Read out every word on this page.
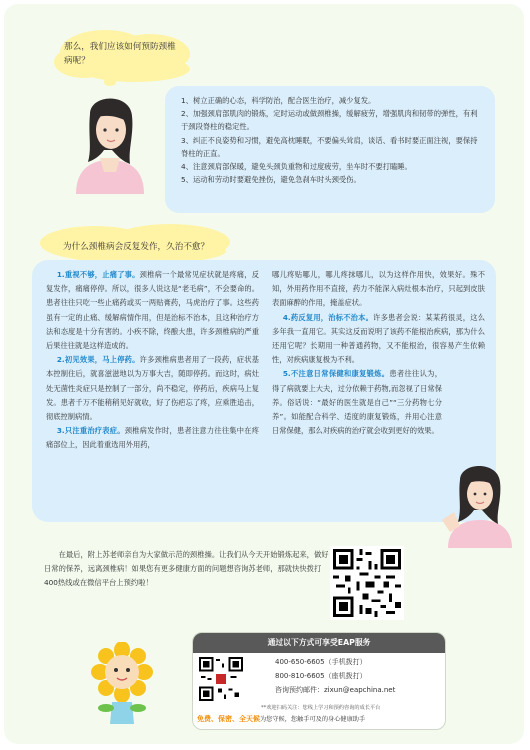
那么，我们应该如何预防颈椎病呢？
1、树立正确的心态，科学防治，配合医生治疗，减少复发。
2、加强颈肩部肌肉的锻炼，定时运动或做颈椎操，缓解疲劳，增强肌肉和韧带的弹性，有利于颈段脊柱的稳定性。
3、纠正不良姿势和习惯，避免高枕睡眠，不要偏头耸肩，谈话、看书时要正面注视，要保持脊柱的正直。
4、注意颈肩部保暖，避免头颈负重物和过度疲劳，坐车时不要打瞌睡。
5、运动和劳动时要避免挫伤，避免急刹车时头颈受伤。
为什么颈椎病会反复发作，久治不愈？

1.重视不够，止痛了事。颈椎病一个最常见症状就是疼痛，反复发作，痛痛停停。所以，很多人说这是“老毛病”，不会要命的。患者往往只吃一些止痛药或买一两贴膏药，马虎治疗了事。这些药虽有一定的止痛、缓解病情作用，但是治标不治本，且这种治疗方法和态度是十分有害的。小疾不除，终酿大患，许多颈椎病的严重后果往往就是这样造成的。

2.初见效果，马上停药。许多颈椎病患者用了一段药，症状基本控制住后，就喜滋滋地以为万事大吉，随即停药。而这时，病灶处无菌性炎症只是控制了一部分，尚不稳定，停药后，疾病马上复发。患者千万不能稍稍见好就收，好了伤疤忘了疼，应乘胜追击，彻底控制病情。

3.只注重治疗表症。颈椎病发作时，患者注意力往往集中在疼痛部位上，因此着重选用外用药，

哪儿疼贴哪儿，哪儿疼抹哪儿，以为这样作用快，效果好。殊不知，外用药作用不直接，药力不能深入病灶根本治疗，只起到皮肤表面麻醉的作用，掩盖症状。

4.药反复用，治标不治本。许多患者会说：某某药很灵，这么多年我一直用它。其实这反而说明了该药不能根治疾病，那为什么还用它呢？长期用一种普通药物，又不能根治，很容易产生依赖性，对疾病康复极为不利。

5.不注意日常保健和康复锻炼。患者往往认为，得了病就要上大夫，过分依赖于药物,而忽视了日常保养。俗话说：“最好的医生就是自己”“三分药物七分养”。如能配合科学、适度的康复锻炼，并用心注意日常保健，那么对疾病的治疗就会收到更好的效果。

在最后，附上苏老师亲自为大家做示范的颈椎操。让我们从今天开始锻炼起来，做好日常的保养，远离颈椎病！如果您有更多健康方面的问题想咨询苏老师，那就快快拨打400热线或在微信平台上预约啦！
通过以下方式可享受EAP服务
400-650-6605（手机拨打）
800-810-6605（座机拨打）
咨询预约邮件：zixun@eapchina.net
**欢迎扫码关注：您线上学习和预约咨询的成长平台
免费、保密、全天候为您守候，您触手可及的身心健康助手
